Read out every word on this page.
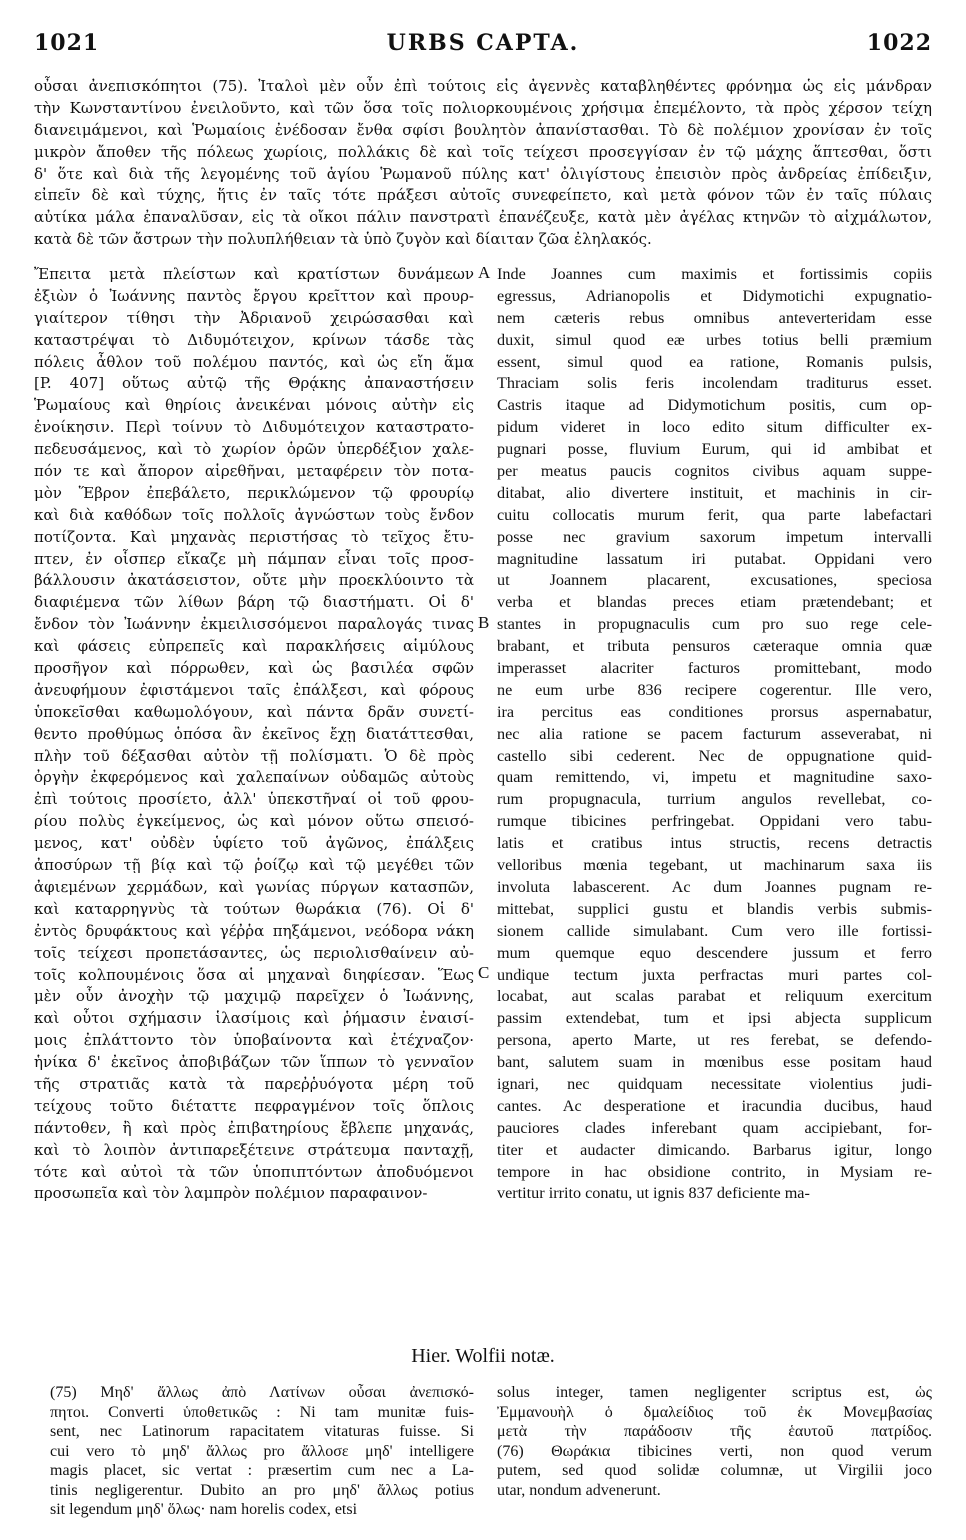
URBS CAPTA.
1021	1022
οὖσαι ἀνεπισκόπητοι (75). Ἰταλοὶ μὲν οὖν ἐπὶ τούτοις εἰς ἀγεννὲς καταβληθέντες φρόνημα ὡς εἰς μάνδραν
τὴν Κωνσταντίνου ἐνειλοῦντο, καὶ τῶν ὅσα τοῖς πολιορκουμένοις χρήσιμα ἐπεμέλοντο, τὰ πρὸς χέρσον τείχη
διανειμάμενοι, καὶ Ῥωμαίοις ἐνέδοσαν ἔνθα σφίσι βουλητὸν ἀπανίστασθαι. Τὸ δὲ πολέμιον χρονίσαν ἐν τοῖς
μικρὸν ἄποθεν τῆς πόλεως χωρίοις, πολλάκις δὲ καὶ τοῖς τείχεσι προσεγγίσαν ἐν τῷ μάχης ἅπτεσθαι, ὅστι
δ' ὅτε καὶ διὰ τῆς λεγομένης τοῦ ἁγίου Ῥωμανοῦ πύλης κατ' ὀλιγίστους ἐπεισιὸν πρὸς ἀνδρείας ἐπίδειξιν,
εἰπεῖν δὲ καὶ τύχης, ἥτις ἐν ταῖς τότε πράξεσι αὐτοῖς συνεφείπετο, καὶ μετὰ φόνον τῶν ἐν ταῖς πύλαις
αὐτίκα μάλα ἐπαναλῦσαν, εἰς τὰ οἴκοι πάλιν πανστρατὶ ἐπανέζευξε, κατὰ μὲν ἀγέλας κτηνῶν τὸ αἰχμάλωτον,
κατὰ δὲ τῶν ἄστρων τὴν πολυπλήθειαν τὰ ὑπὸ ζυγὸν καὶ δίαιταν ζῶα ἐληλακός.
Ἔπειτα μετὰ πλείστων καὶ κρατίστων δυνάμεων
ἐξιὼν ὁ Ἰωάννης παντὸς ἔργου κρεῖττον καὶ προυρ-
γιαίτερον τίθησι τὴν Ἀδριανοῦ χειρώσασθαι καὶ
καταστρέψαι τὸ Διδυμότειχον, κρίνων τάσδε τὰς
πόλεις ἆθλον τοῦ πολέμου παντός, καὶ ὡς εἴη ἅμα
[P. 407] οὕτως αὐτῷ τῆς Θρᾴκης ἀπαναστήσειν
Ῥωμαίους καὶ θηρίοις ἀνεικέναι μόνοις αὐτὴν εἰς
ἐνοίκησιν. Περὶ τοίνυν τὸ Διδυμότειχον καταστρατο-
πεδευσάμενος, καὶ τὸ χωρίον ὁρῶν ὑπερδέξιον χαλε-
πόν τε καὶ ἄπορον αἱρεθῆναι, μεταφέρειν τὸν ποτα-
μὸν Ἕβρον ἐπεβάλετο, περικλώμενον τῷ φρουρίῳ
καὶ διὰ καθόδων τοῖς πολλοῖς ἀγνώστων τοὺς ἔνδον
ποτίζοντα. Καὶ μηχανὰς περιστήσας τὸ τεῖχος ἔτυ-
πτεν, ἐν οἷσπερ εἴκαζε μὴ πάμπαν εἶναι τοῖς προσ-
βάλλουσιν ἀκατάσειστον, οὔτε μὴν προεκλύοιντο τὰ
διαφιέμενα τῶν λίθων βάρη τῷ διαστήματι. Οἱ δ'
ἔνδον τὸν Ἰωάννην ἐκμειλισσόμενοι παραλογάς τινας
καὶ φάσεις εὐπρεπεῖς καὶ παρακλήσεις αἱμύλους
προσῆγον καὶ πόρρωθεν, καὶ ὡς βασιλέα σφῶν
ἀνευφήμουν ἐφιστάμενοι ταῖς ἐπάλξεσι, καὶ φόρους
ὑποκεῖσθαι καθωμολόγουν, καὶ πάντα δρᾶν συνετί-
θεντο προθύμως ὁπόσα ἂν ἐκεῖνος ἔχῃ διατάττεσθαι,
πλὴν τοῦ δέξασθαι αὐτὸν τῇ πολίσματι. Ὁ δὲ πρὸς
ὀργὴν ἐκφερόμενος καὶ χαλεπαίνων οὐδαμῶς αὐτοὺς
ἐπὶ τούτοις προσίετο, ἀλλ' ὑπεκστῆναί οἱ τοῦ φρου-
ρίου πολὺς ἐγκείμενος, ὡς καὶ μόνον οὕτω σπεισό-
μενος, κατ' οὐδὲν ὑφίετο τοῦ ἀγῶνος, ἐπάλξεις
ἀποσύρων τῇ βίᾳ καὶ τῷ ῥοίζῳ καὶ τῷ μεγέθει τῶν
ἀφιεμένων χερμάδων, καὶ γωνίας πύργων κατασπῶν,
καὶ καταρρηγνὺς τὰ τούτων θωράκια (76). Οἱ δ'
ἐντὸς δρυφάκτους καὶ γέῤῥα πηξάμενοι, νεόδορα νάκη
τοῖς τείχεσι προπετάσαντες, ὡς περιολισθαίνειν αὐ-
τοῖς κολπουμένοις ὅσα αἱ μηχαναὶ διηφίεσαν. Ἕως
μὲν οὖν ἀνοχὴν τῷ μαχιμῷ παρεῖχεν ὁ Ἰωάννης,
καὶ οὗτοι σχήμασιν ἱλασίμοις καὶ ῥήμασιν ἐναισί-
μοις ἐπλάττοντο τὸν ὑποβαίνοντα καὶ ἐτέχναζον·
ἡνίκα δ' ἐκεῖνος ἀποβιβάζων τῶν ἵππων τὸ γενναῖον
τῆς στρατιᾶς κατὰ τὰ παρεῤῥυόγοτα μέρη τοῦ
τείχους τοῦτο διέταττε πεφραγμένον τοῖς ὅπλοις
πάντοθεν, ἢ καὶ πρὸς ἐπιβατηρίους ἔβλεπε μηχανάς,
καὶ τὸ λοιπὸν ἀντιπαρεξέτεινε στράτευμα πανταχῇ,
τότε καὶ αὐτοὶ τὰ τῶν ὑποπιπτόντων ἀποδυόμενοι
προσωπεῖα καὶ τὸν λαμπρὸν πολέμιον παραφαινον-
Inde Joannes cum maximis et fortissimis copiis
egressus, Adrianopolis et Didymotichi expugnatio-
nem cæteris rebus omnibus anteverteridam esse
duxit, simul quod eæ urbes totius belli præmium
essent, simul quod ea ratione, Romanis pulsis,
Thraciam solis feris incolendam traditurus esset.
Castris itaque ad Didymotichum positis, cum op-
pidum videret in loco edito situm difficulter ex-
pugnari posse, fluvium Eurum, qui id ambibat et
per meatus paucis cognitos civibus aquam suppe-
ditabat, alio divertere instituit, et machinis in cir-
cuitu collocatis murum ferit, qua parte labefactari
posse nec gravium saxorum impetum intervalli
magnitudine lassatum iri putabat. Oppidani vero
ut Joannem placarent, excusationes, speciosa
verba et blandas preces etiam prætendebant; et
stantes in propugnaculis cum pro suo rege cele-
brabant, et tributa pensuros cæteraque omnia quæ
imperasset alacriter facturos promittebant, modo
ne eum urbe 836 recipere cogerentur. Ille vero,
ira percitus eas conditiones prorsus aspernabatur,
nec alia ratione se pacem facturum asseverabat, ni
castello sibi cederent. Nec de oppugnatione quid-
quam remittendo, vi, impetu et magnitudine saxo-
rum propugnacula, turrium angulos revellebat, co-
rumque tibicines perfringebat. Oppidani vero tabu-
latis et cratibus intus structis, recens detractis
velloribus mœnia tegebant, ut machinarum saxa iis
involuta labascerent. Ac dum Joannes pugnam re-
mittebat, supplici gustu et blandis verbis submis-
sionem callide simulabant. Cum vero ille fortissi-
mum quemque equo descendere jussum et ferro
undique tectum juxta perfractas muri partes col-
locabat, aut scalas parabat et reliquum exercitum
passim extendebat, tum et ipsi abjecta supplicum
persona, aperto Marte, ut res ferebat, se defendo-
bant, salutem suam in mœnibus esse positam haud
ignari, nec quidquam necessitate violentius judi-
cantes. Ac desperatione et iracundia ducibus, haud
pauciores clades inferebant quam accipiebant, for-
titer et audacter dimicando. Barbarus igitur, longo
tempore in hac obsidione contrito, in Mysiam re-
vertitur irrito conatu, ut ignis 837 deficiente ma-
A
B
C
Hier. Wolfii notæ.
(75) Μηδ' ἄλλως ἀπὸ Λατίνων οὖσαι ἀνεπισκό-
πητοι. Converti ὑποθετικῶς : Ni tam munitæ fuis-
sent, nec Latinorum rapacitatem vitaturas fuisse. Si
cui vero τὸ μηδ' ἄλλως pro ἄλλοσε μηδ' intelligere
magis placet, sic vertat : præsertim cum nec a La-
tinis negligerentur. Dubito an pro μηδ' ἄλλως potius
sit legendum μηδ' ὅλως· nam horelis codex, etsi
solus integer, tamen negligenter scriptus est, ὡς
Ἐμμανουὴλ ὁ δμαλείδιος τοῦ ἐκ Μονεμβασίας
μετὰ τὴν παράδοσιν τῆς ἑαυτοῦ πατρίδος.
(76) Θωράκια tibicines verti, non quod verum
putem, sed quod solidæ columnæ, ut Virgilii joco
utar, nondum advenerunt.
